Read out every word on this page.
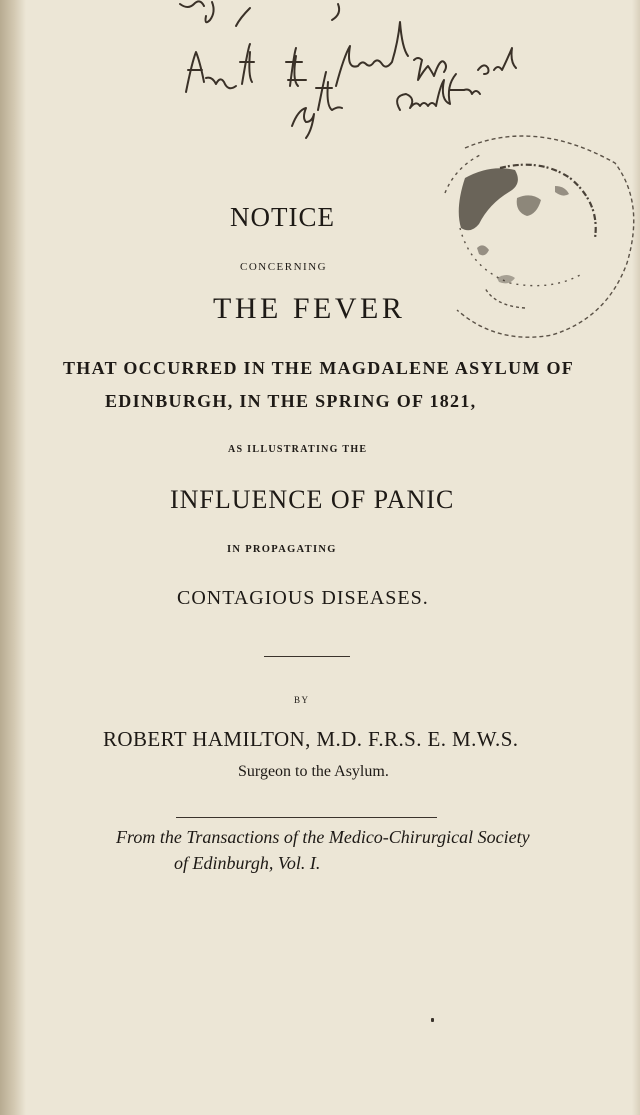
NOTICE
CONCERNING
THE FEVER
THAT OCCURRED IN THE MAGDALENE ASYLUM OF
EDINBURGH, IN THE SPRING OF 1821,
AS ILLUSTRATING THE
INFLUENCE OF PANIC
IN PROPAGATING
CONTAGIOUS DISEASES.
BY
ROBERT HAMILTON, M.D. F.R.S. E. M.W.S.
Surgeon to the Asylum.
From the Transactions of the Medico-Chirurgical Society
of Edinburgh, Vol. I.
